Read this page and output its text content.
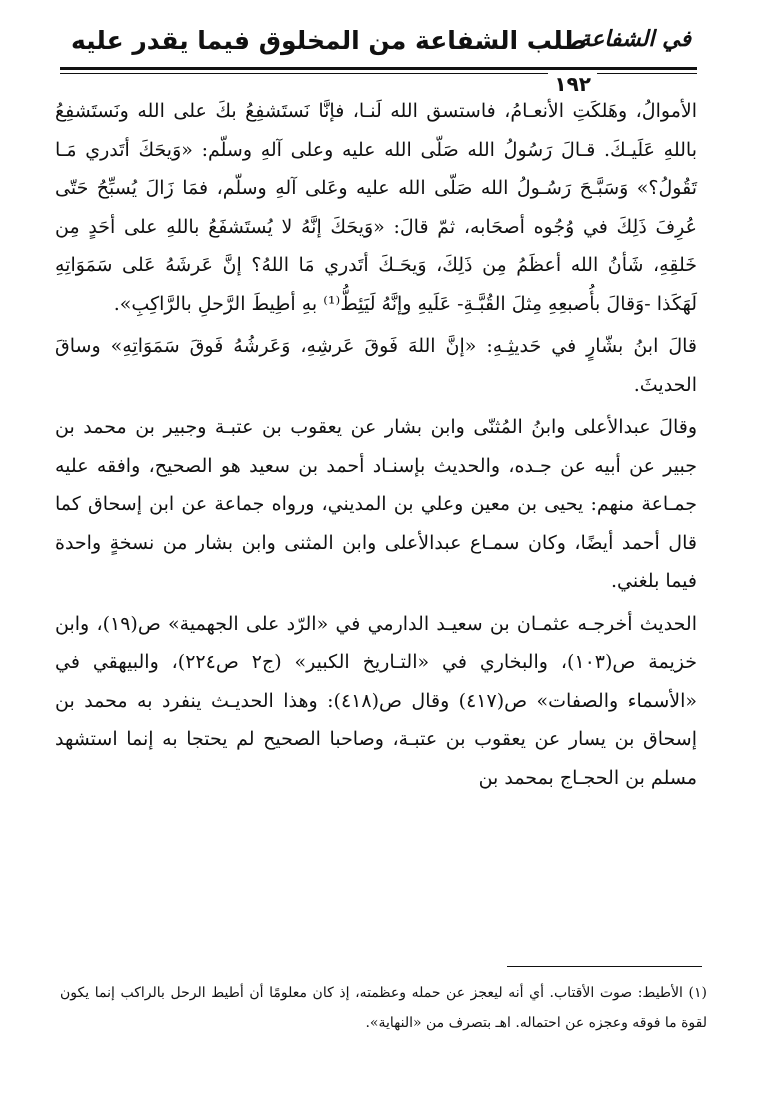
في الشفاعة
طلب الشفاعة من المخلوق فيما يقدر عليه
١٩٢

الأموالُ، وهَلكَتِ الأنعـامُ، فاستسق الله لَنـا، فإنَّا نَستَشفِعُ بكَ على الله ونَستَشفِعُ باللهِ عَلَيـكَ. قـالَ رَسُولُ الله صَلّى الله عليه وعلى آلهِ وسلّم: «وَيحَكَ أتَدري مَـا تَقُولُ؟» وَسَبَّـحَ رَسُـولُ الله صَلّى الله عليه وعَلى آلهِ وسلّم، فمَا زَالَ يُسبِّحُ حَتّى عُرِفَ ذَلِكَ في وُجُوه أصحَابه، ثمّ قالَ: «وَيحَكَ إنَّهُ لا يُستَشفَعُ باللهِ على أحَدٍ مِن خَلقِهِ، شَأنُ الله أعظَمُ مِن ذَلِكَ، وَيحَـكَ أتَدري مَا اللهُ؟ إنَّ عَرشَهُ عَلى سَمَوَاتِهِ لَهَكَذا -وَقالَ بأُصبعِهِ مِثلَ القُبَّـةِ- عَلَيهِ وإنَّهُ لَيَئِطُّ⁽¹⁾ بهِ أطِيطَ الرَّحلِ بالرَّاكِبِ».

قالَ ابنُ بشّارٍ في حَديثِـهِ: «إنَّ اللهَ فَوقَ عَرشِهِ، وَعَرشُهُ فَوقَ سَمَوَاتِهِ» وساقَ الحديثَ.

وقالَ عبدالأعلى وابنُ المُثنّى وابن بشار عن يعقوب بن عتبـة وجبير بن محمد بن جبير عن أبيه عن جـده، والحديث بإسنـاد أحمد بن سعيد هو الصحيح، وافقه عليه جمـاعة منهم: يحيى بن معين وعلي بن المديني، ورواه جماعة عن ابن إسحاق كما قال أحمد أيضًا، وكان سمـاع عبدالأعلى وابن المثنى وابن بشار من نسخةٍ واحدة فيما بلغني.

الحديث أخرجـه عثمـان بن سعيـد الدارمي في «الرّد على الجهمية» ص(١٩)، وابن خزيمة ص(١٠٣)، والبخاري في «التـاريخ الكبير» (ج٢ ص٢٢٤)، والبيهقي في «الأسماء والصفات» ص(٤١٧) وقال ص(٤١٨): وهذا الحديـث ينفرد به محمد بن إسحاق بن يسار عن يعقوب بن عتبـة، وصاحبا الصحيح لم يحتجا به إنما استشهد مسلم بن الحجـاج بمحمد بن

(١) الأطيط: صوت الأقتاب. أي أنه ليعجز عن حمله وعظمته، إذ كان معلومًا أن أطيط الرحل بالراكب إنما يكون لقوة ما فوقه وعجزه عن احتماله. اهـ بتصرف من «النهاية».
